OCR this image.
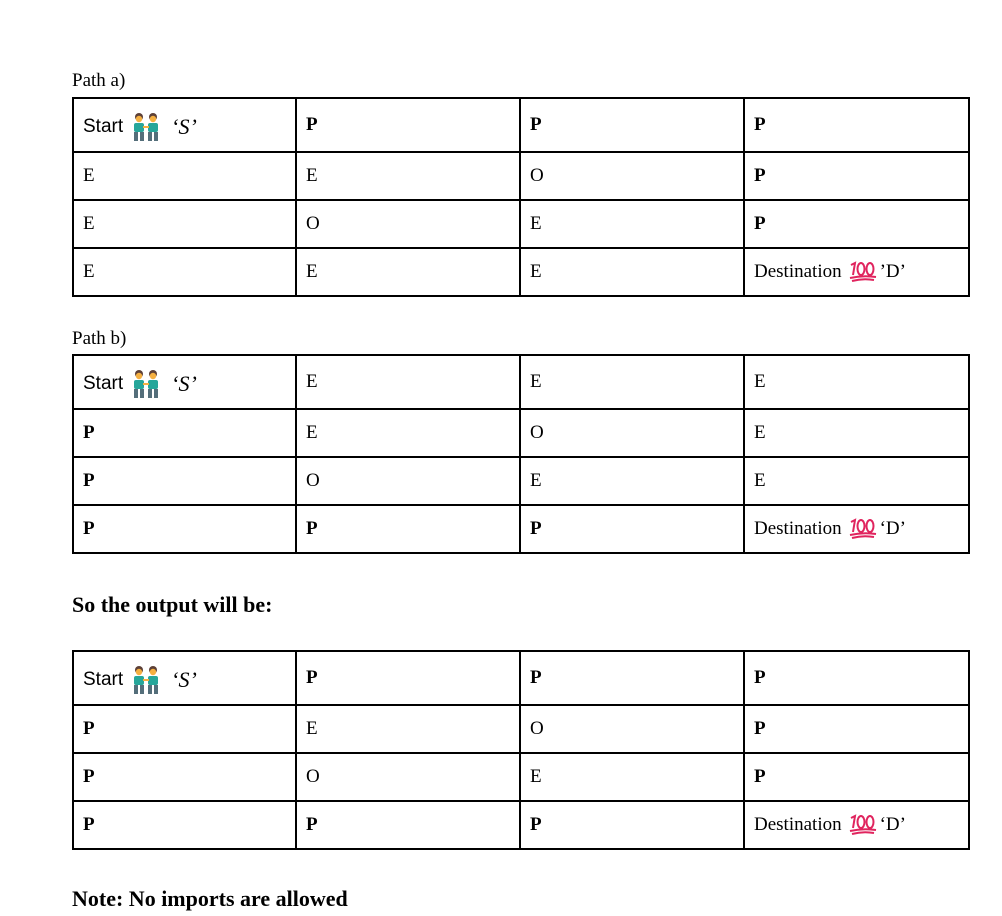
Path a)
Start ‘S’	P	P	P
E	E	O	P
E	O	E	P
E	E	E	Destination ’D’
Path b)
Start ‘S’	E	E	E
P	E	O	E
P	O	E	E
P	P	P	Destination ‘D’
So the output will be:
Start ‘S’	P	P	P
P	E	O	P
P	O	E	P
P	P	P	Destination ‘D’
Note: No imports are allowed
